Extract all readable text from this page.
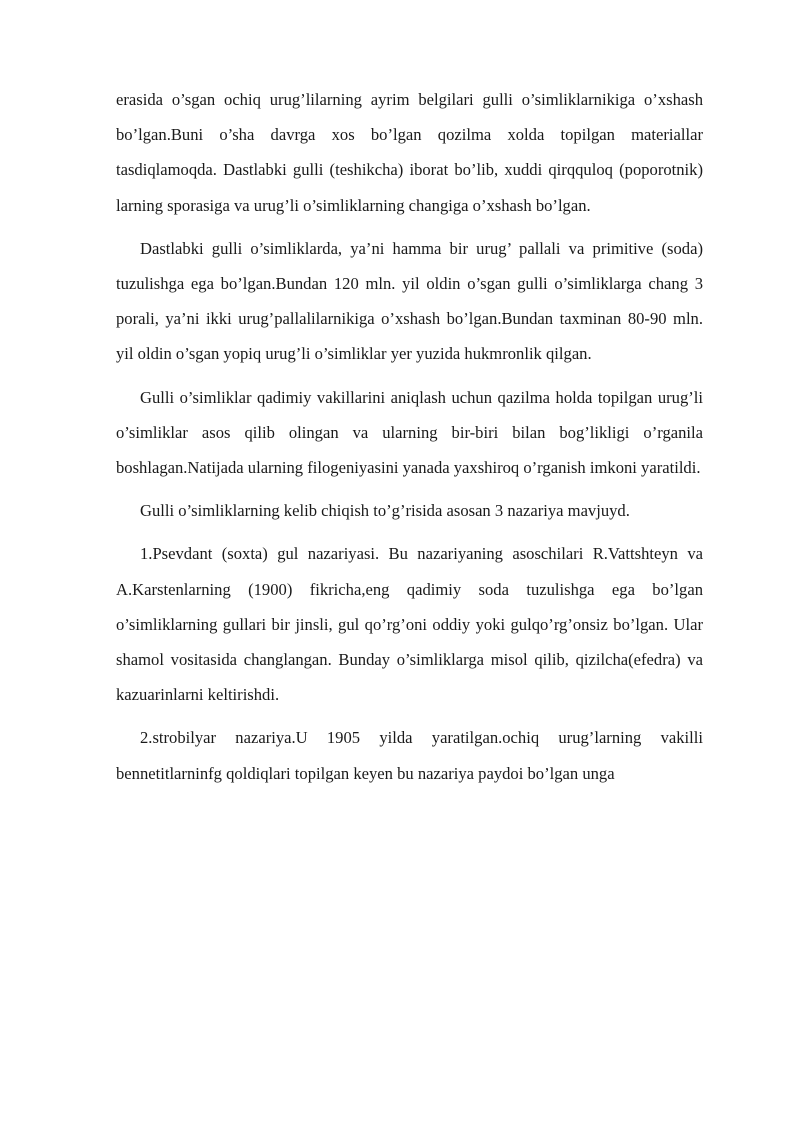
erasida o’sgan ochiq urug’lilarning ayrim belgilari gulli o’simliklarnikiga o’xshash bo’lgan.Buni o’sha davrga xos bo’lgan qozilma xolda topilgan materiallar tasdiqlamoqda. Dastlabki gulli (teshikcha) iborat bo’lib, xuddi qirqquloq (poporotnik) larning sporasiga va urug’li o’simliklarning changiga o’xshash bo’lgan.

Dastlabki gulli o’simliklarda, ya’ni hamma bir urug’ pallali va primitive (soda) tuzulishga ega bo’lgan.Bundan 120 mln. yil oldin o’sgan gulli o’simliklarga chang 3 porali, ya’ni ikki urug’pallalilarnikiga o’xshash bo’lgan.Bundan taxminan 80-90 mln. yil oldin o’sgan yopiq urug’li o’simliklar yer yuzida hukmronlik qilgan.

Gulli o’simliklar qadimiy vakillarini aniqlash uchun qazilma holda topilgan urug’li o’simliklar asos qilib olingan va ularning bir-biri bilan bog’likligi o’rganila boshlagan.Natijada ularning filogeniyasini yanada yaxshiroq o’rganish imkoni yaratildi.

Gulli o’simliklarning kelib chiqish to’g’risida asosan 3 nazariya mavjuyd.

1.Psevdant (soxta) gul nazariyasi. Bu nazariyaning asoschilari R.Vattshteyn va A.Karstenlarning (1900) fikricha,eng qadimiy soda tuzulishga ega bo’lgan o’simliklarning gullari bir jinsli, gul qo’rg’oni oddiy yoki gulqo’rg’onsiz bo’lgan. Ular shamol vositasida changlangan. Bunday o’simliklarga misol qilib, qizilcha(efedra) va kazuarinlarni keltirishdi.

2.strobilyar nazariya.U 1905 yilda yaratilgan.ochiq urug’larning vakilli bennetitlarninfg qoldiqlari topilgan keyen bu nazariya paydoi bo’lgan unga
